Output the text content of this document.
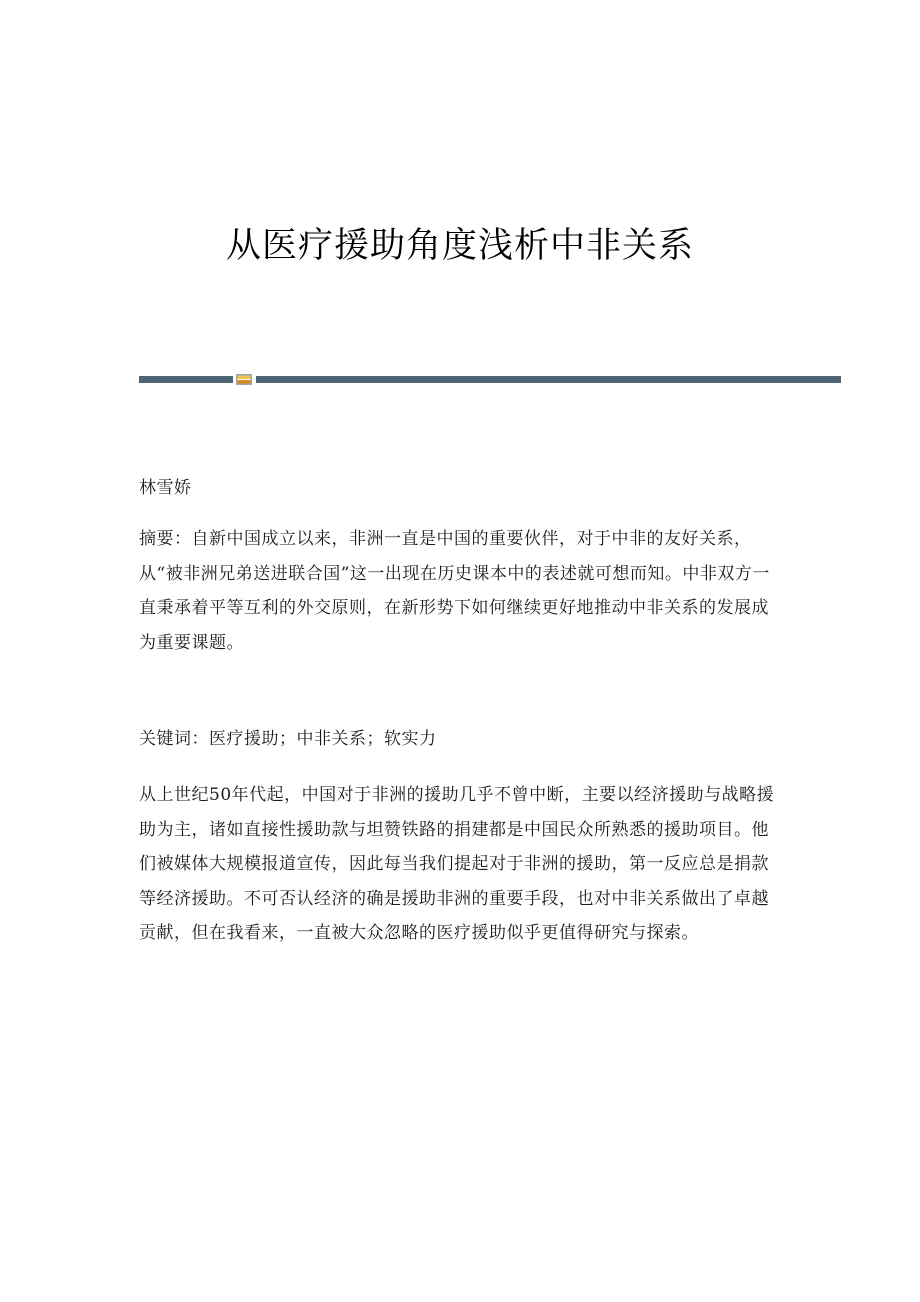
从医疗援助角度浅析中非关系

林雪娇

摘要：自新中国成立以来，非洲一直是中国的重要伙伴，对于中非的友好关系，从“被非洲兄弟送进联合国”这一出现在历史课本中的表述就可想而知。中非双方一直秉承着平等互利的外交原则，在新形势下如何继续更好地推动中非关系的发展成为重要课题。

关键词：医疗援助；中非关系；软实力

从上世纪50年代起，中国对于非洲的援助几乎不曾中断，主要以经济援助与战略援助为主，诸如直接性援助款与坦赞铁路的捐建都是中国民众所熟悉的援助项目。他们被媒体大规模报道宣传，因此每当我们提起对于非洲的援助，第一反应总是捐款等经济援助。不可否认经济的确是援助非洲的重要手段，也对中非关系做出了卓越贡献，但在我看来，一直被大众忽略的医疗援助似乎更值得研究与探索。
